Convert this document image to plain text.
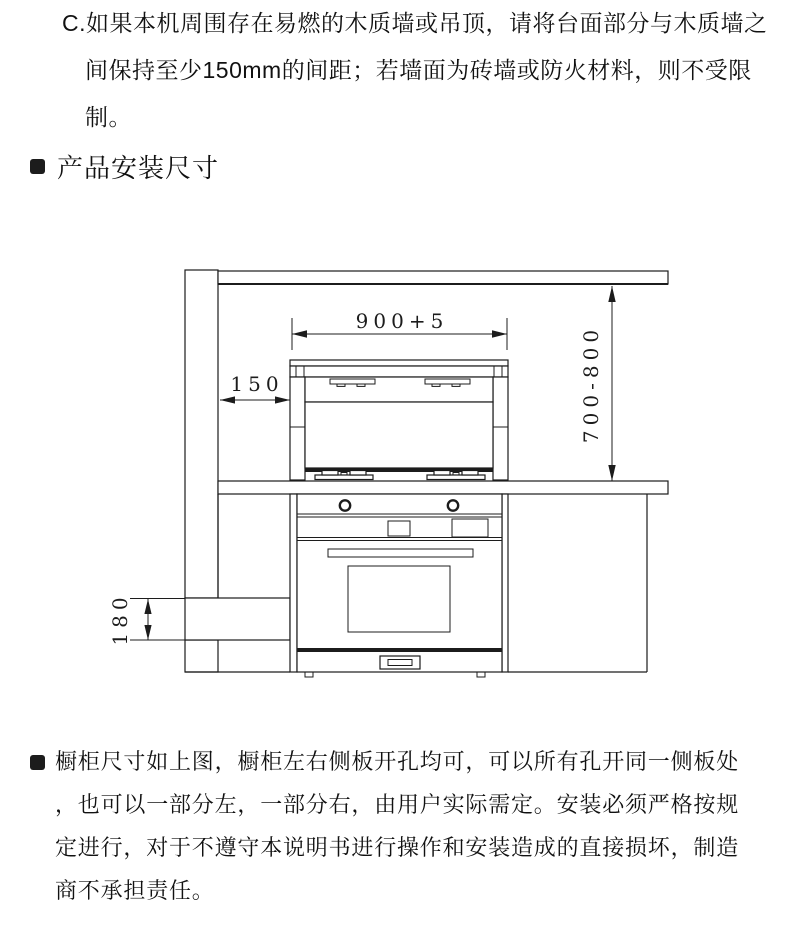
C.如果本机周围存在易燃的木质墙或吊顶，请将台面部分与木质墙之
间保持至少150mm的间距；若墙面为砖墙或防火材料，则不受限
制。
产品安装尺寸
900+5
150	700-800
180
橱柜尺寸如上图，橱柜左右侧板开孔均可，可以所有孔开同一侧板处
，也可以一部分左，一部分右，由用户实际需定。安装必须严格按规
定进行，对于不遵守本说明书进行操作和安装造成的直接损坏，制造
商不承担责任。
